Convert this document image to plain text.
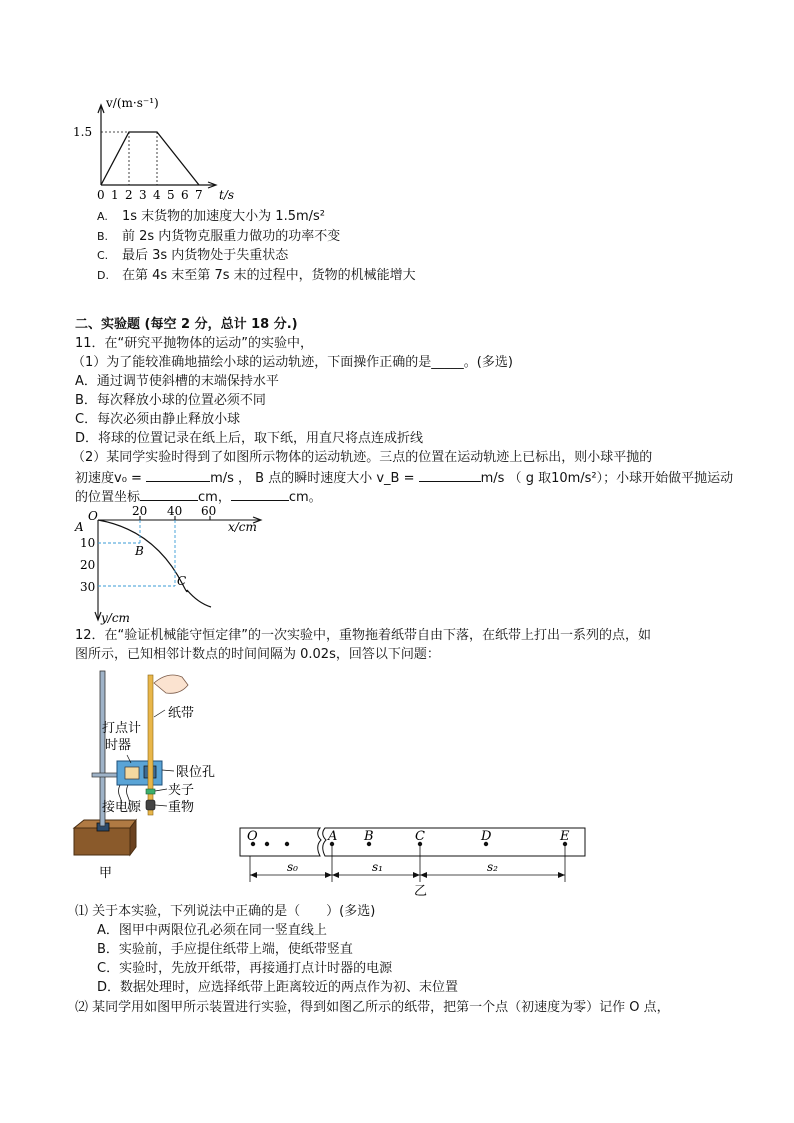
v/(m·s⁻¹)
1.5
0 1 2 3 4 5 6 7 t/s
A. 1s 末货物的加速度大小为 1.5m/s²
B. 前 2s 内货物克服重力做功的功率不变
C. 最后 3s 内货物处于失重状态
D. 在第 4s 末至第 7s 末的过程中，货物的机械能增大
二、实验题 (每空 2 分，总计 18 分.)
11．在“研究平抛物体的运动”的实验中，
（1）为了能较准确地描绘小球的运动轨迹，下面操作正确的是_____。(多选)
A．通过调节使斜槽的末端保持水平
B．每次释放小球的位置必须不同
C．每次必须由静止释放小球
D．将球的位置记录在纸上后，取下纸，用直尺将点连成折线
（2）某同学实验时得到了如图所示物体的运动轨迹。三点的位置在运动轨迹上已标出，则小球平抛的
初速度v₀ =	m/s ， B 点的瞬时速度大小 v_B =	m/s （ g 取10m/s²）；小球开始做平抛运动
的位置坐标	cm，	cm。
O
A
B
C
20 40 60
x/cm
10
20
30
y/cm
12．在“验证机械能守恒定律”的一次实验中，重物拖着纸带自由下落，在纸带上打出一系列的点，如
图所示，已知相邻计数点的时间间隔为 0.02s，回答以下问题：
纸带
打点计
时器
限位孔
夹子
接电源 重物
甲
O	A B	C	D	E
s₀	s₁	s₂
乙
⑴ 关于本实验，下列说法中正确的是（　　）(多选)
A．图甲中两限位孔必须在同一竖直线上
B．实验前，手应提住纸带上端，使纸带竖直
C．实验时，先放开纸带，再接通打点计时器的电源
D．数据处理时，应选择纸带上距离较近的两点作为初、末位置
⑵ 某同学用如图甲所示装置进行实验，得到如图乙所示的纸带，把第一个点（初速度为零）记作 O 点，
